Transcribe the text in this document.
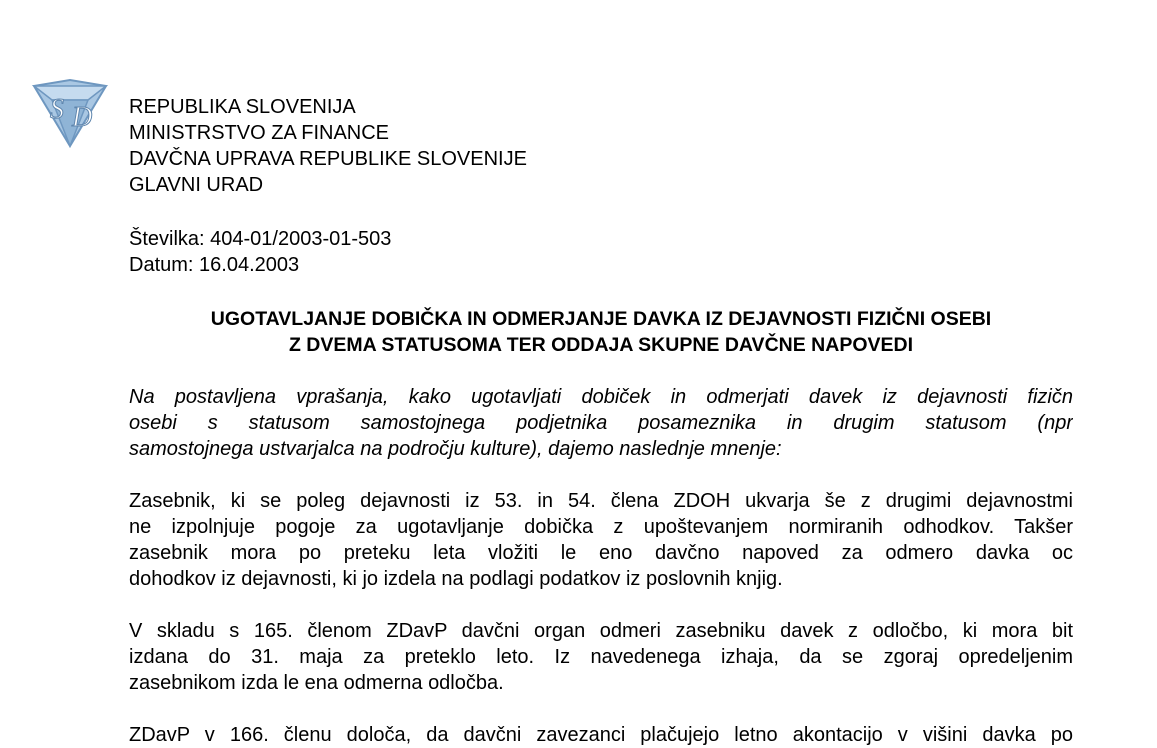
S D REPUBLIKA SLOVENIJA
MINISTRSTVO ZA FINANCE
DAVČNA UPRAVA REPUBLIKE SLOVENIJE
GLAVNI URAD
Številka: 404-01/2003-01-503
Datum: 16.04.2003
UGOTAVLJANJE DOBIČKA IN ODMERJANJE DAVKA IZ DEJAVNOSTI FIZIČNI OSEBI
Z DVEMA STATUSOMA TER ODDAJA SKUPNE DAVČNE NAPOVEDI
Na postavljena vprašanja, kako ugotavljati dobiček in odmerjati davek iz dejavnosti fizičn
osebi s statusom samostojnega podjetnika posameznika in drugim statusom (npr
samostojnega ustvarjalca na področju kulture), dajemo naslednje mnenje:
Zasebnik, ki se poleg dejavnosti iz 53. in 54. člena ZDOH ukvarja še z drugimi dejavnostmi
ne izpolnjuje pogoje za ugotavljanje dobička z upoštevanjem normiranih odhodkov. Takšer
zasebnik mora po preteku leta vložiti le eno davčno napoved za odmero davka oc
dohodkov iz dejavnosti, ki jo izdela na podlagi podatkov iz poslovnih knjig.
V skladu s 165. členom ZDavP davčni organ odmeri zasebniku davek z odločbo, ki mora bit
izdana do 31. maja za preteklo leto. Iz navedenega izhaja, da se zgoraj opredeljenim
zasebnikom izda le ena odmerna odločba.
ZDavP v 166. členu določa, da davčni zavezanci plačujejo letno akontacijo v višini davka po
